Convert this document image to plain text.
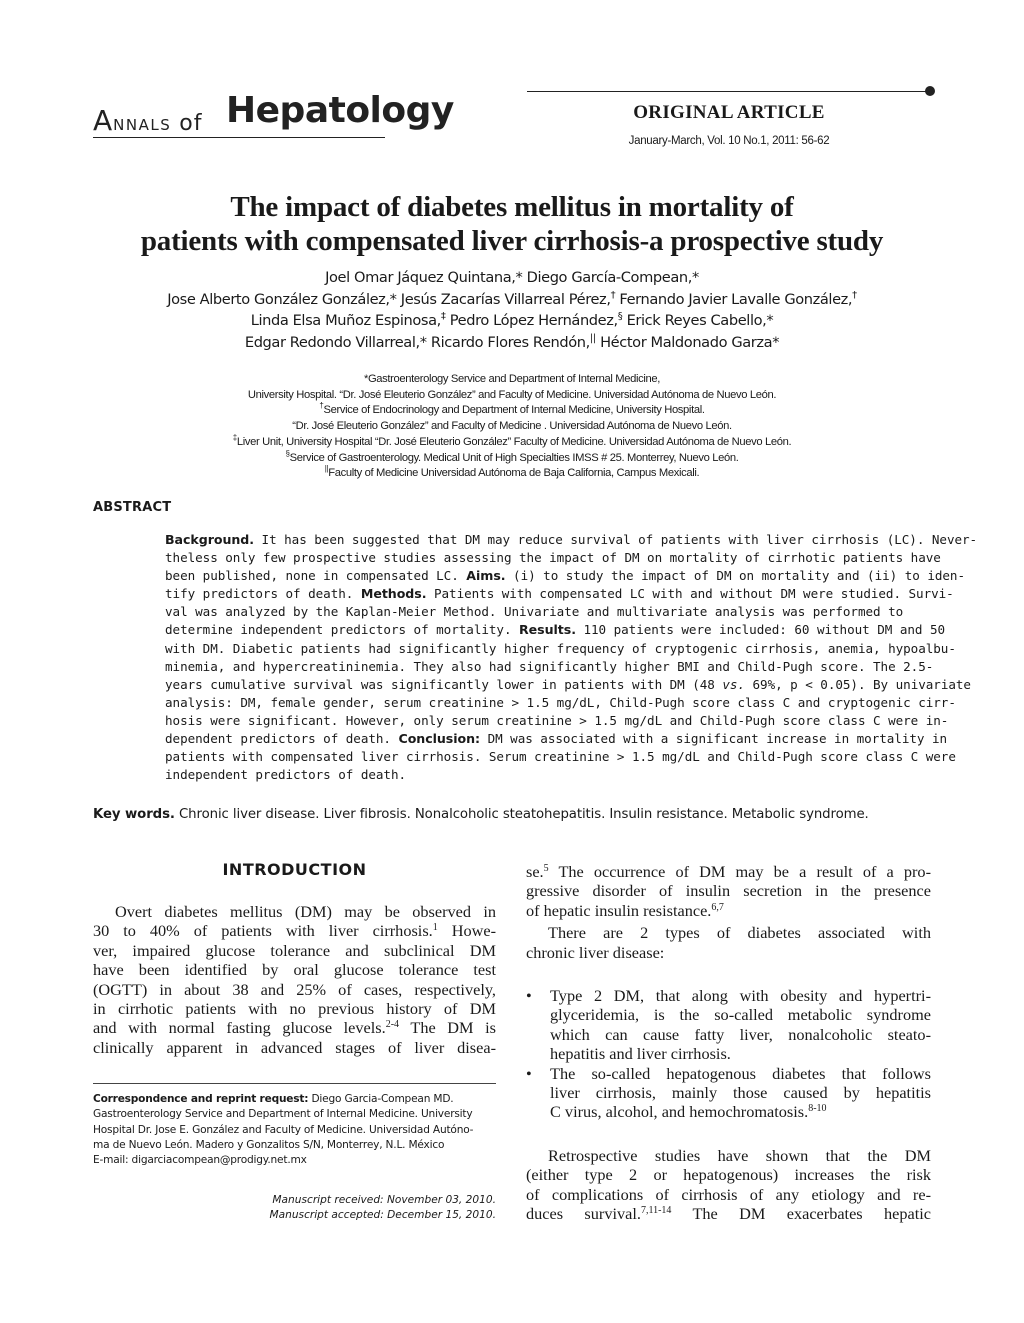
Annals of Hepatology	ORIGINAL ARTICLE
January-March, Vol. 10 No.1, 2011: 56-62
The impact of diabetes mellitus in mortality of
patients with compensated liver cirrhosis-a prospective study
Joel Omar Jáquez Quintana,* Diego García-Compean,*
Jose Alberto González González,* Jesús Zacarías Villarreal Pérez,† Fernando Javier Lavalle González,†
Linda Elsa Muñoz Espinosa,‡ Pedro López Hernández,§ Erick Reyes Cabello,*
Edgar Redondo Villarreal,* Ricardo Flores Rendón,|| Héctor Maldonado Garza*
*Gastroenterology Service and Department of Internal Medicine,
University Hospital. “Dr. José Eleuterio González” and Faculty of Medicine. Universidad Autónoma de Nuevo León.
†Service of Endocrinology and Department of Internal Medicine, University Hospital.
“Dr. José Eleuterio González” and Faculty of Medicine . Universidad Autónoma de Nuevo León.
‡Liver Unit, University Hospital “Dr. José Eleuterio González” Faculty of Medicine. Universidad Autónoma de Nuevo León.
§Service of Gastroenterology. Medical Unit of High Specialties IMSS # 25. Monterrey, Nuevo León.
||Faculty of Medicine Universidad Autónoma de Baja California, Campus Mexicali.
ABSTRACT
Background. It has been suggested that DM may reduce survival of patients with liver cirrhosis (LC). Never-
theless only few prospective studies assessing the impact of DM on mortality of cirrhotic patients have
been published, none in compensated LC. Aims. (i) to study the impact of DM on mortality and (ii) to iden-
tify predictors of death. Methods. Patients with compensated LC with and without DM were studied. Survi-
val was analyzed by the Kaplan-Meier Method. Univariate and multivariate analysis was performed to
determine independent predictors of mortality. Results. 110 patients were included: 60 without DM and 50
with DM. Diabetic patients had significantly higher frequency of cryptogenic cirrhosis, anemia, hypoalbu-
minemia, and hypercreatininemia. They also had significantly higher BMI and Child-Pugh score. The 2.5-
years cumulative survival was significantly lower in patients with DM (48 vs. 69%, p < 0.05). By univariate
analysis: DM, female gender, serum creatinine > 1.5 mg/dL, Child-Pugh score class C and cryptogenic cirr-
hosis were significant. However, only serum creatinine > 1.5 mg/dL and Child-Pugh score class C were in-
dependent predictors of death. Conclusion: DM was associated with a significant increase in mortality in
patients with compensated liver cirrhosis. Serum creatinine > 1.5 mg/dL and Child-Pugh score class C were
independent predictors of death.
Key words. Chronic liver disease. Liver fibrosis. Nonalcoholic steatohepatitis. Insulin resistance. Metabolic syndrome.
INTRODUCTION
Overt diabetes mellitus (DM) may be observed in
30 to 40% of patients with liver cirrhosis.$^1$ Howe-
ver, impaired glucose tolerance and subclinical DM
have been identified by oral glucose tolerance test
(OGTT) in about 38 and 25% of cases, respectively,
in cirrhotic patients with no previous history of DM
and with normal fasting glucose levels.$^{2-4}$ The DM is
clinically apparent in advanced stages of liver disea-
Correspondence and reprint request: Diego Garcia-Compean MD.
Gastroenterology Service and Department of Internal Medicine. University
Hospital Dr. Jose E. González and Faculty of Medicine. Universidad Autóno-
ma de Nuevo León. Madero y Gonzalitos S/N, Monterrey, N.L. México
E-mail: digarciacompean@prodigy.net.mx
Manuscript received: November 03, 2010.
Manuscript accepted: December 15, 2010.
se.$^5$ The occurrence of DM may be a result of a pro-
gressive disorder of insulin secretion in the presence
of hepatic insulin resistance.$^{6,7}$
There are 2 types of diabetes associated with
chronic liver disease:
• Type 2 DM, that along with obesity and hypertri-
glyceridemia, is the so-called metabolic syndrome
which can cause fatty liver, nonalcoholic steato-
hepatitis and liver cirrhosis.
• The so-called hepatogenous diabetes that follows
liver cirrhosis, mainly those caused by hepatitis
C virus, alcohol, and hemochromatosis.$^{8-10}$
Retrospective studies have shown that the DM
(either type 2 or hepatogenous) increases the risk
of complications of cirrhosis of any etiology and re-
duces survival.$^{7,11-14}$ The DM exacerbates hepatic
